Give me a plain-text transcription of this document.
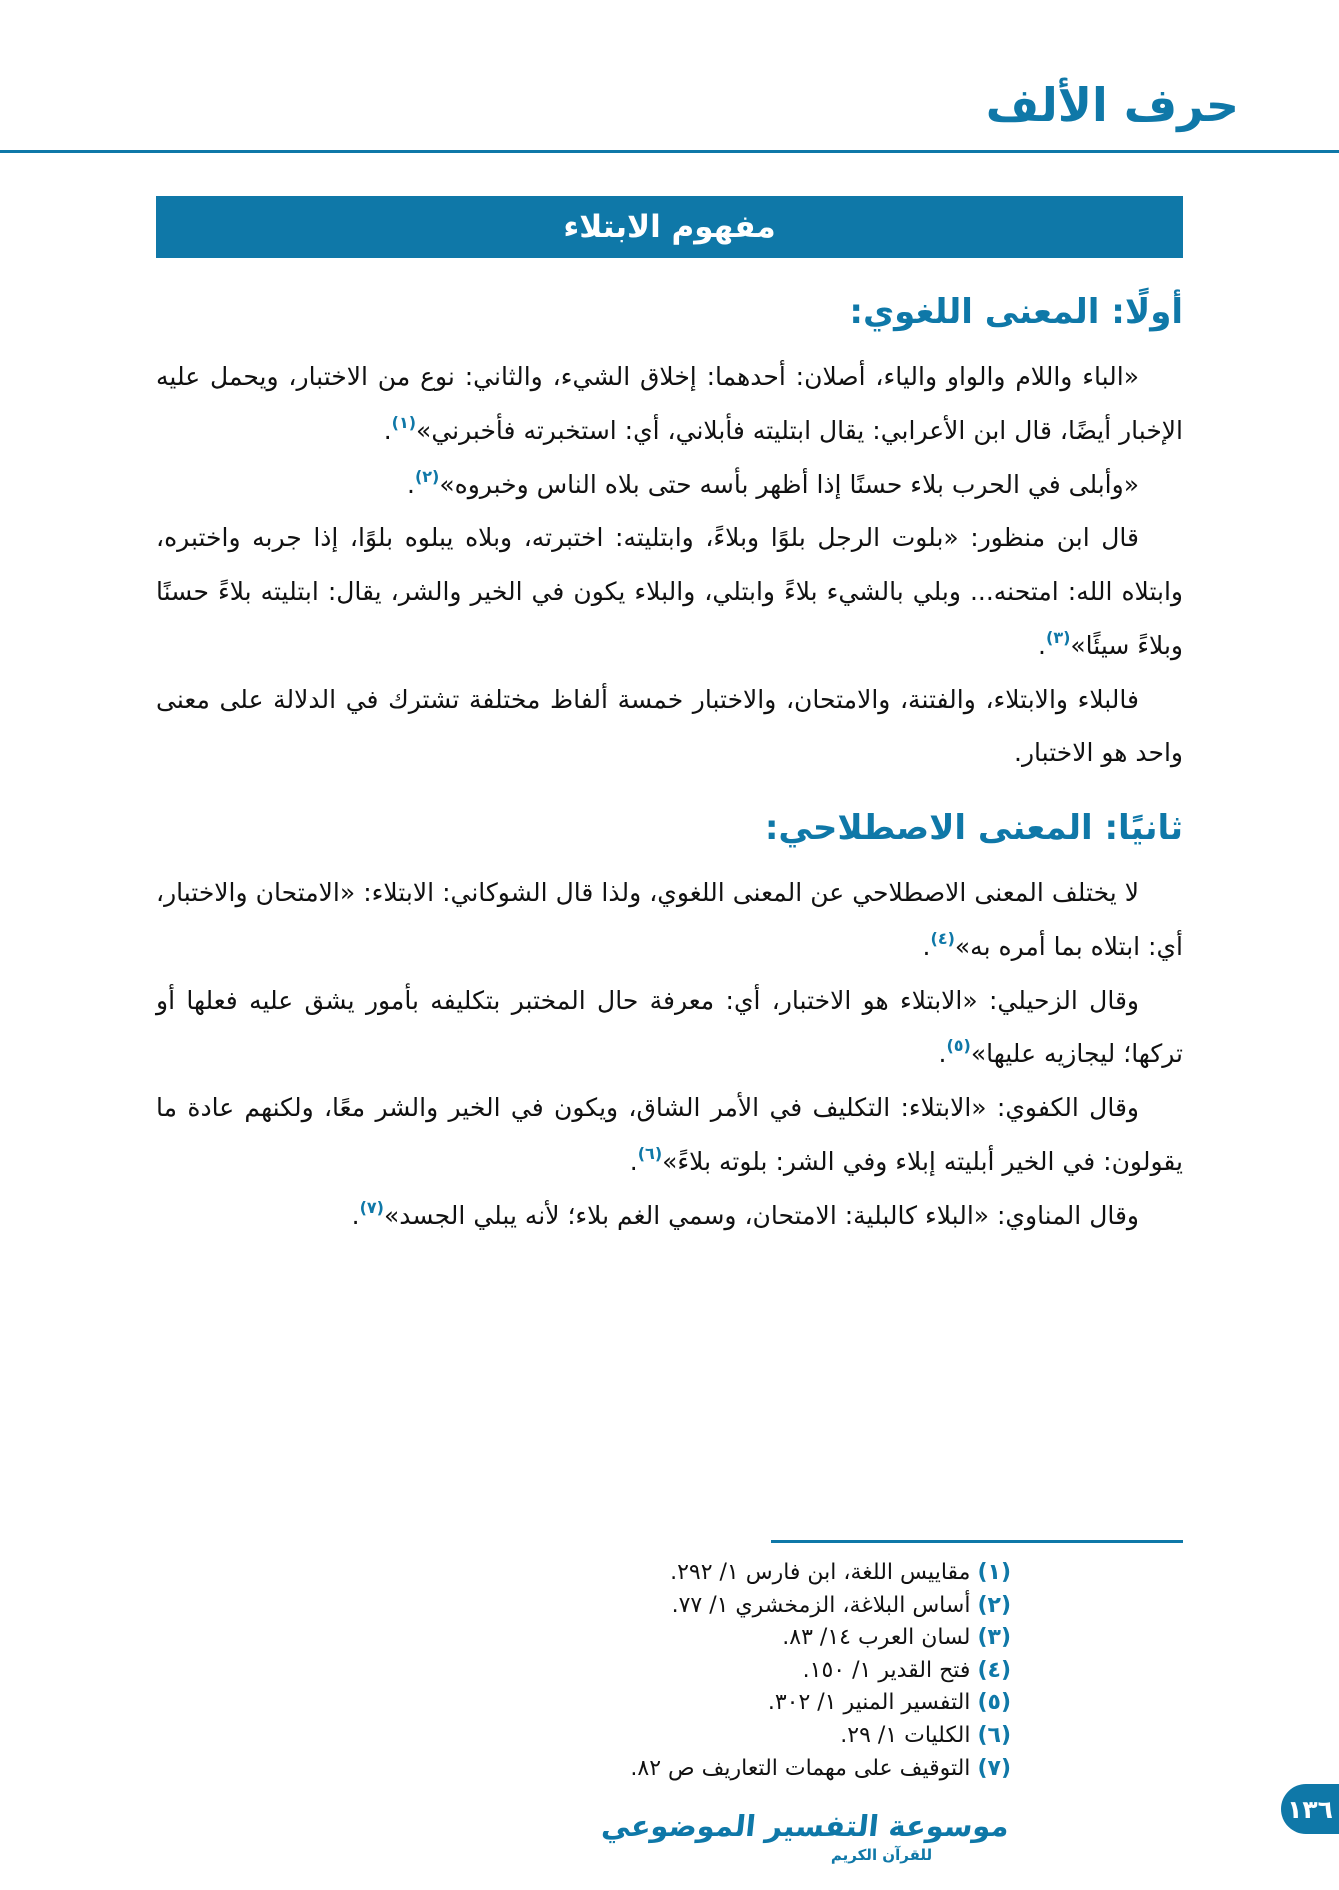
حرف الألف
مفهوم الابتلاء
أولًا: المعنى اللغوي:

«الباء واللام والواو والياء، أصلان: أحدهما: إخلاق الشيء، والثاني: نوع من الاختبار، ويحمل عليه الإخبار أيضًا، قال ابن الأعرابي: يقال ابتليته فأبلاني، أي: استخبرته فأخبرني»$^{(١)}$.

«وأبلى في الحرب بلاء حسنًا إذا أظهر بأسه حتى بلاه الناس وخبروه»$^{(٢)}$.

قال ابن منظور: «بلوت الرجل بلوًا وبلاءً، وابتليته: اختبرته، وبلاه يبلوه بلوًا، إذا جربه واختبره، وابتلاه الله: امتحنه... وبلي بالشيء بلاءً وابتلي، والبلاء يكون في الخير والشر، يقال: ابتليته بلاءً حسنًا وبلاءً سيئًا»$^{(٣)}$.

فالبلاء والابتلاء، والفتنة، والامتحان، والاختبار خمسة ألفاظ مختلفة تشترك في الدلالة على معنى واحد هو الاختبار.

ثانيًا: المعنى الاصطلاحي:

لا يختلف المعنى الاصطلاحي عن المعنى اللغوي، ولذا قال الشوكاني: الابتلاء: «الامتحان والاختبار، أي: ابتلاه بما أمره به»$^{(٤)}$.

وقال الزحيلي: «الابتلاء هو الاختبار، أي: معرفة حال المختبر بتكليفه بأمور يشق عليه فعلها أو تركها؛ ليجازيه عليها»$^{(٥)}$.

وقال الكفوي: «الابتلاء: التكليف في الأمر الشاق، ويكون في الخير والشر معًا، ولكنهم عادة ما يقولون: في الخير أبليته إبلاء وفي الشر: بلوته بلاءً»$^{(٦)}$.

وقال المناوي: «البلاء كالبلية: الامتحان، وسمي الغم بلاء؛ لأنه يبلي الجسد»$^{(٧)}$.

(١) مقاييس اللغة، ابن فارس ١/ ٢٩٢.
(٢) أساس البلاغة، الزمخشري ١/ ٧٧.
(٣) لسان العرب ١٤/ ٨٣.
(٤) فتح القدير ١/ ١٥٠.
(٥) التفسير المنير ١/ ٣٠٢.
(٦) الكليات ١/ ٢٩.
(٧) التوقيف على مهمات التعاريف ص ٨٢.
موسوعة التفسير الموضوعي
للقرآن الكريم
١٣٦
